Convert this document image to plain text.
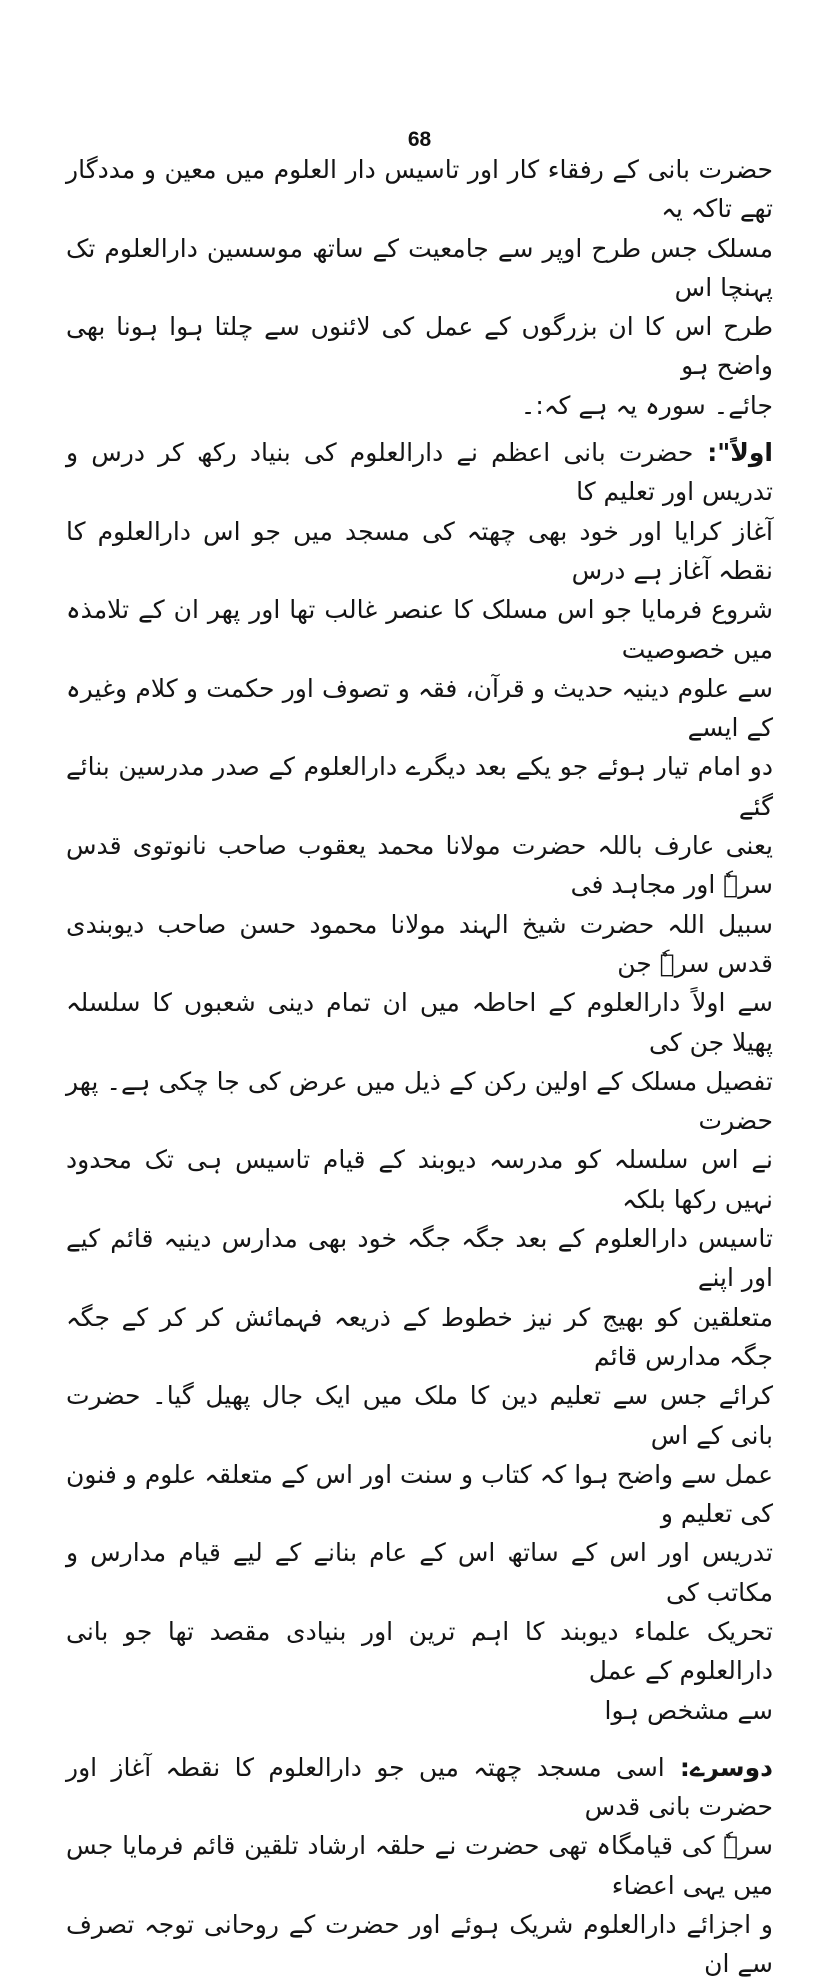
68

حضرت بانی کے رفقاء کار اور تاسیس دار العلوم میں معین و مددگار تھے تاکہ یہ
مسلک جس طرح اوپر سے جامعیت کے ساتھ موسسین دارالعلوم تک پہنچا اس
طرح اس کا ان بزرگوں کے عمل کی لائنوں سے چلتا ہوا ہونا بھی واضح ہو
جائے۔ سورہ یہ ہے کہ:۔

اولاً": حضرت بانی اعظم نے دارالعلوم کی بنیاد رکھ کر درس و تدریس اور تعلیم کا
آغاز کرایا اور خود بھی چھتہ کی مسجد میں جو اس دارالعلوم کا نقطہ آغاز ہے درس
شروع فرمایا جو اس مسلک کا عنصر غالب تھا اور پھر ان کے تلامذہ میں خصوصیت
سے علوم دینیہ حدیث و قرآن، فقہ و تصوف اور حکمت و کلام وغیرہ کے ایسے
دو امام تیار ہوئے جو یکے بعد دیگرے دارالعلوم کے صدر مدرسین بنائے گئے
یعنی عارف باللہ حضرت مولانا محمد یعقوب صاحب نانوتوی قدس سرہٗ اور مجاہد فی
سبیل اللہ حضرت شیخ الہند مولانا محمود حسن صاحب دیوبندی قدس سرہٗ جن
سے اولاً دارالعلوم کے احاطہ میں ان تمام دینی شعبوں کا سلسلہ پھیلا جن کی
تفصیل مسلک کے اولین رکن کے ذیل میں عرض کی جا چکی ہے۔ پھر حضرت
نے اس سلسلہ کو مدرسہ دیوبند کے قیام تاسیس ہی تک محدود نہیں رکھا بلکہ
تاسیس دارالعلوم کے بعد جگہ جگہ خود بھی مدارس دینیہ قائم کیے اور اپنے
متعلقین کو بھیج کر نیز خطوط کے ذریعہ فہمائش کر کر کے جگہ جگہ مدارس قائم
کرائے جس سے تعلیم دین کا ملک میں ایک جال پھیل گیا۔ حضرت بانی کے اس
عمل سے واضح ہوا کہ کتاب و سنت اور اس کے متعلقہ علوم و فنون کی تعلیم و
تدریس اور اس کے ساتھ اس کے عام بنانے کے لیے قیام مدارس و مکاتب کی
تحریک علماء دیوبند کا اہم ترین اور بنیادی مقصد تھا جو بانی دارالعلوم کے عمل
سے مشخص ہوا

دوسرے: اسی مسجد چھتہ میں جو دارالعلوم کا نقطہ آغاز اور حضرت بانی قدس
سرہٗ کی قیامگاہ تھی حضرت نے حلقہ ارشاد تلقین قائم فرمایا جس میں یہی اعضاء
و اجزائے دارالعلوم شریک ہوئے اور حضرت کے روحانی توجہ تصرف سے ان
